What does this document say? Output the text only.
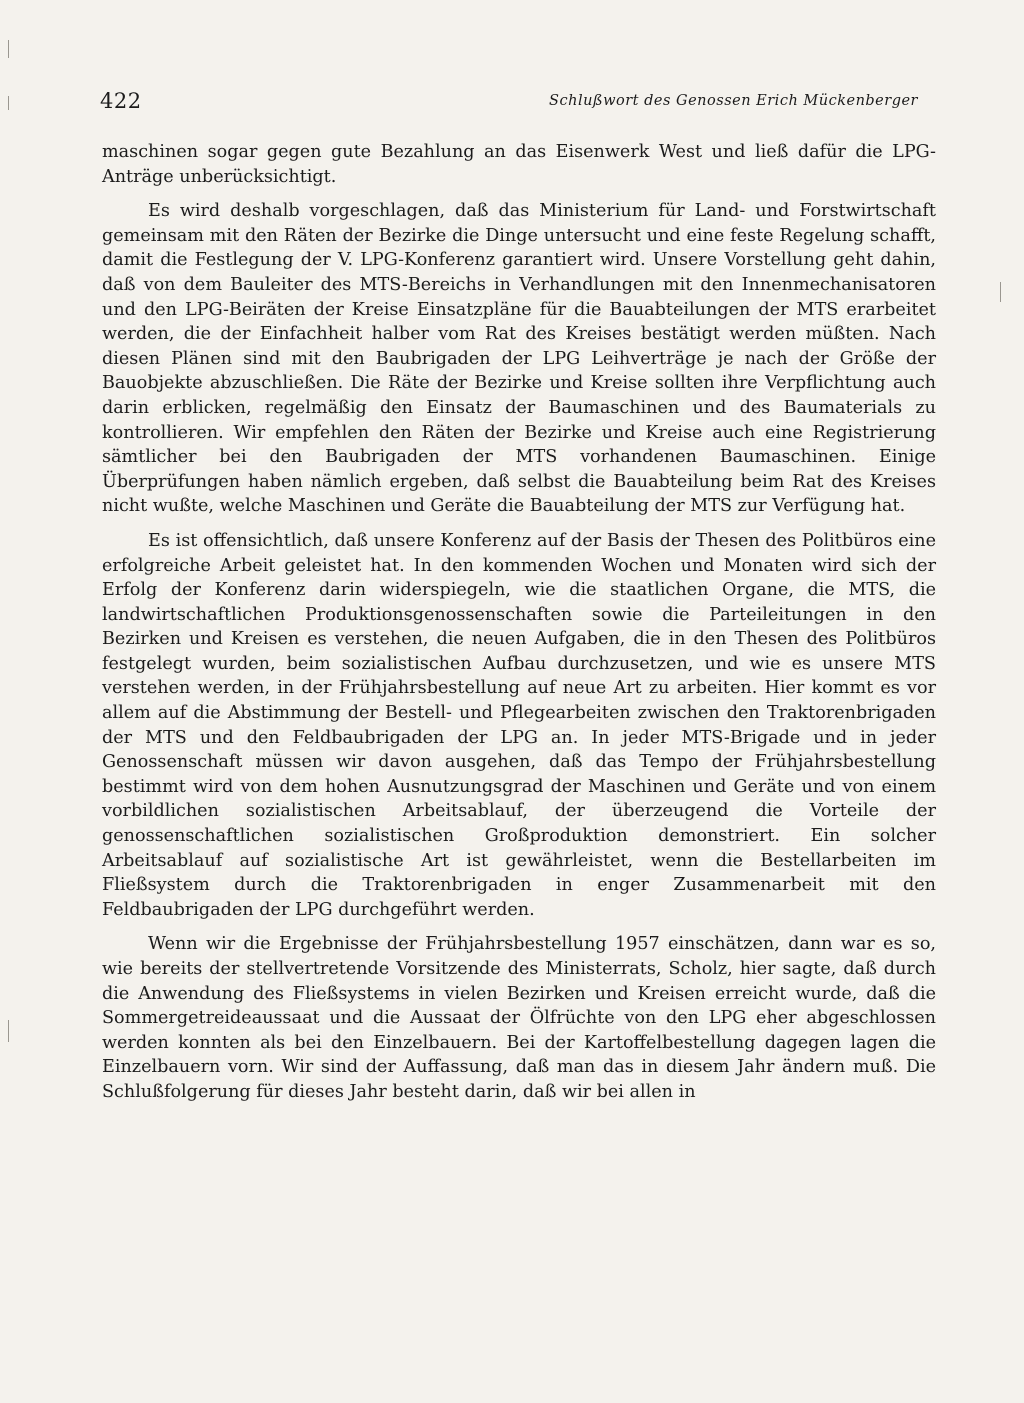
422	Schlußwort des Genossen Erich Mückenberger

maschinen sogar gegen gute Bezahlung an das Eisenwerk West und ließ dafür die LPG-Anträge unberücksichtigt.

Es wird deshalb vorgeschlagen, daß das Ministerium für Land- und Forstwirtschaft gemeinsam mit den Räten der Bezirke die Dinge untersucht und eine feste Regelung schafft, damit die Festlegung der V. LPG-Konferenz garantiert wird. Unsere Vorstellung geht dahin, daß von dem Bauleiter des MTS-Bereichs in Verhandlungen mit den Innenmechanisatoren und den LPG-Beiräten der Kreise Einsatzpläne für die Bauabteilungen der MTS erarbeitet werden, die der Einfachheit halber vom Rat des Kreises bestätigt werden müßten. Nach diesen Plänen sind mit den Baubrigaden der LPG Leihverträge je nach der Größe der Bauobjekte abzuschließen. Die Räte der Bezirke und Kreise sollten ihre Verpflichtung auch darin erblicken, regelmäßig den Einsatz der Baumaschinen und des Baumaterials zu kontrollieren. Wir empfehlen den Räten der Bezirke und Kreise auch eine Registrierung sämtlicher bei den Baubrigaden der MTS vorhandenen Baumaschinen. Einige Überprüfungen haben nämlich ergeben, daß selbst die Bauabteilung beim Rat des Kreises nicht wußte, welche Maschinen und Geräte die Bauabteilung der MTS zur Verfügung hat.

Es ist offensichtlich, daß unsere Konferenz auf der Basis der Thesen des Politbüros eine erfolgreiche Arbeit geleistet hat. In den kommenden Wochen und Monaten wird sich der Erfolg der Konferenz darin widerspiegeln, wie die staatlichen Organe, die MTS, die landwirtschaftlichen Produktionsgenossenschaften sowie die Parteileitungen in den Bezirken und Kreisen es verstehen, die neuen Aufgaben, die in den Thesen des Politbüros festgelegt wurden, beim sozialistischen Aufbau durchzusetzen, und wie es unsere MTS verstehen werden, in der Frühjahrsbestellung auf neue Art zu arbeiten. Hier kommt es vor allem auf die Abstimmung der Bestell- und Pflegearbeiten zwischen den Traktorenbrigaden der MTS und den Feldbaubrigaden der LPG an. In jeder MTS-Brigade und in jeder Genossenschaft müssen wir davon ausgehen, daß das Tempo der Frühjahrsbestellung bestimmt wird von dem hohen Ausnutzungsgrad der Maschinen und Geräte und von einem vorbildlichen sozialistischen Arbeitsablauf, der überzeugend die Vorteile der genossenschaftlichen sozialistischen Großproduktion demonstriert. Ein solcher Arbeitsablauf auf sozialistische Art ist gewährleistet, wenn die Bestellarbeiten im Fließsystem durch die Traktorenbrigaden in enger Zusammenarbeit mit den Feldbaubrigaden der LPG durchgeführt werden.

Wenn wir die Ergebnisse der Frühjahrsbestellung 1957 einschätzen, dann war es so, wie bereits der stellvertretende Vorsitzende des Ministerrats, Scholz, hier sagte, daß durch die Anwendung des Fließsystems in vielen Bezirken und Kreisen erreicht wurde, daß die Sommergetreideaussaat und die Aussaat der Ölfrüchte von den LPG eher abgeschlossen werden konnten als bei den Einzelbauern. Bei der Kartoffelbestellung dagegen lagen die Einzelbauern vorn. Wir sind der Auffassung, daß man das in diesem Jahr ändern muß. Die Schlußfolgerung für dieses Jahr besteht darin, daß wir bei allen in
